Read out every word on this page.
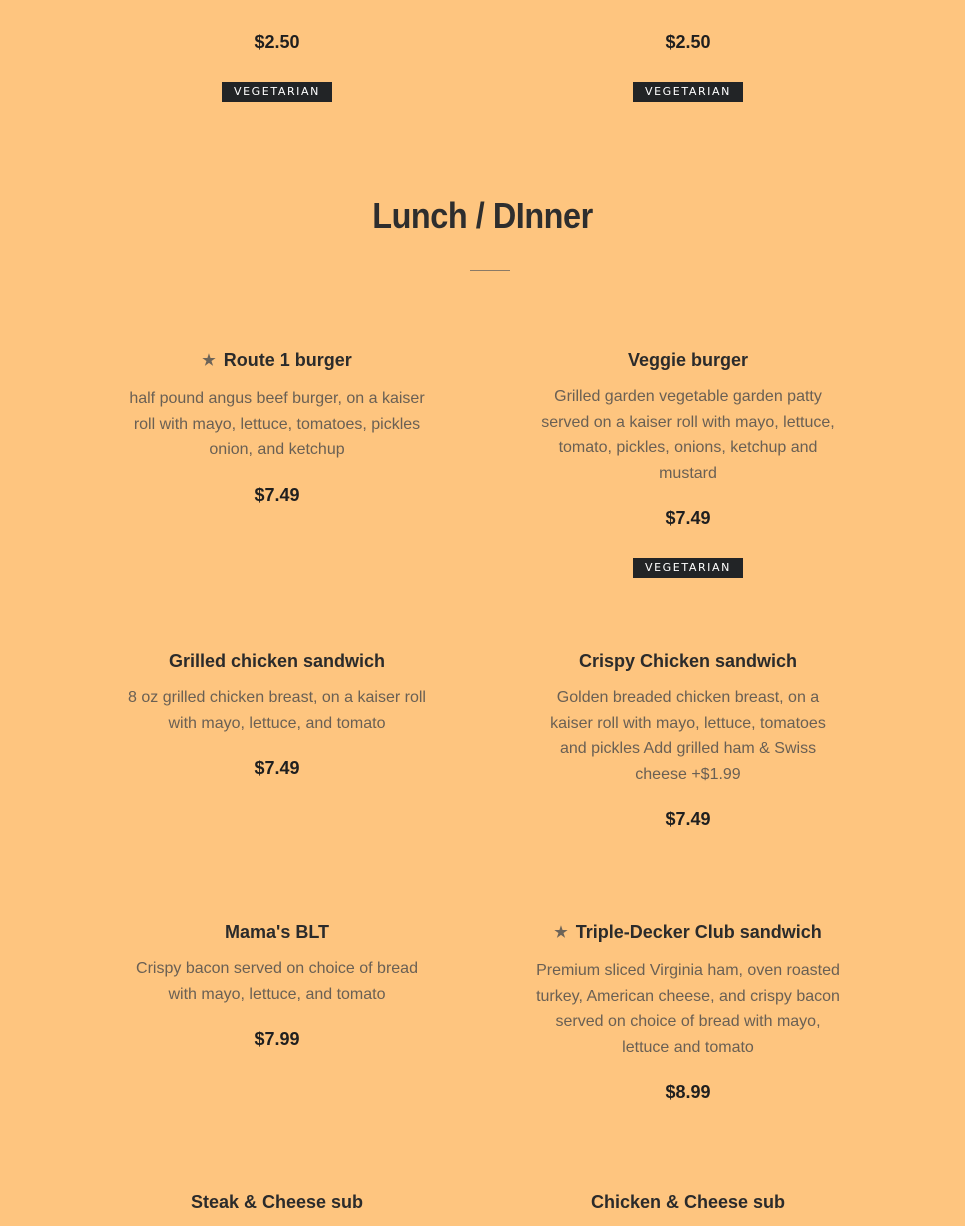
$2.50
VEGETARIAN
$2.50
VEGETARIAN
Lunch / DInner
★ Route 1 burger
half pound angus beef burger, on a kaiser roll with mayo, lettuce, tomatoes, pickles onion, and ketchup
$7.49
Veggie burger
Grilled garden vegetable garden patty served on a kaiser roll with mayo, lettuce, tomato, pickles, onions, ketchup and mustard
$7.49
VEGETARIAN
Grilled chicken sandwich
8 oz grilled chicken breast, on a kaiser roll with mayo, lettuce, and tomato
$7.49
Crispy Chicken sandwich
Golden breaded chicken breast, on a kaiser roll with mayo, lettuce, tomatoes and pickles Add grilled ham & Swiss cheese +$1.99
$7.49
Mama's BLT
Crispy bacon served on choice of bread with mayo, lettuce, and tomato
$7.99
★ Triple-Decker Club sandwich
Premium sliced Virginia ham, oven roasted turkey, American cheese, and crispy bacon served on choice of bread with mayo, lettuce and tomato
$8.99
Steak & Cheese sub	Chicken & Cheese sub
